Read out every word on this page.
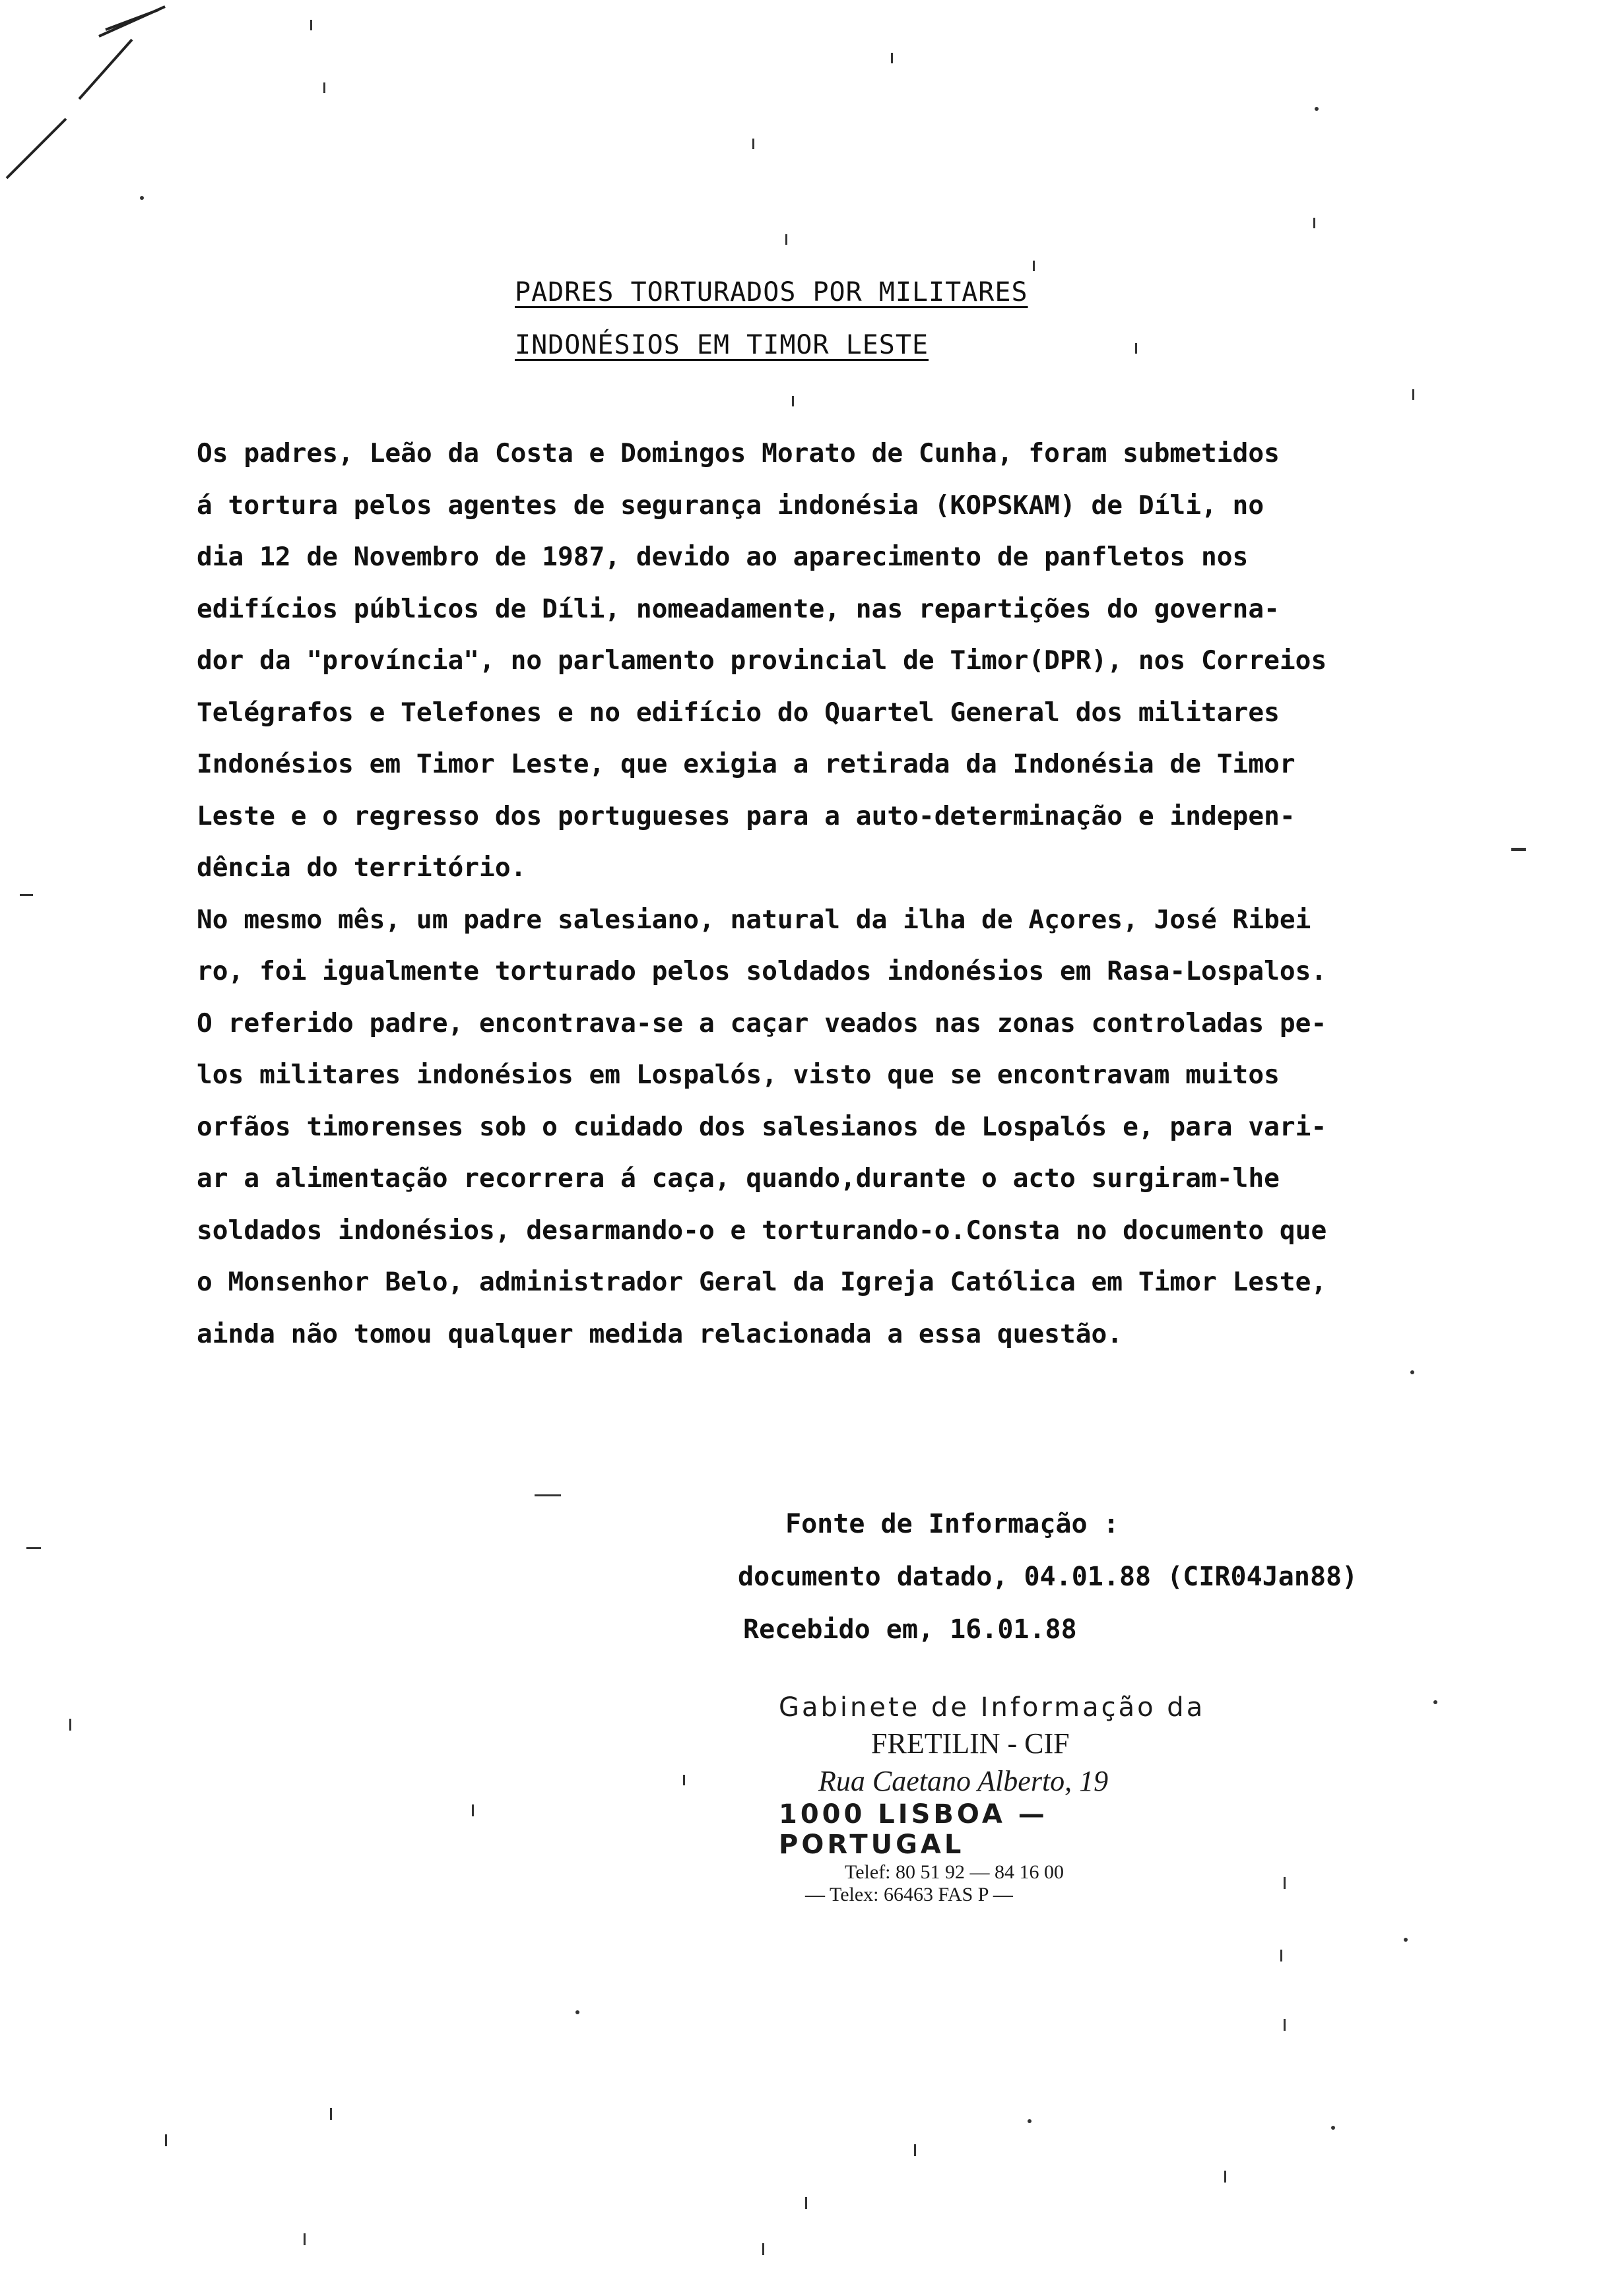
PADRES TORTURADOS POR MILITARES
INDONÉSIOS EM TIMOR LESTE
Os padres, Leão da Costa e Domingos Morato de Cunha, foram submetidos
á tortura pelos agentes de segurança indonésia (KOPSKAM) de Díli, no
dia 12 de Novembro de 1987, devido ao aparecimento de panfletos nos
edifícios públicos de Díli, nomeadamente, nas repartições do governa-
dor da "província", no parlamento provincial de Timor(DPR), nos Correios
Telégrafos e Telefones e no edifício do Quartel General dos militares
Indonésios em Timor Leste, que exigia a retirada da Indonésia de Timor
Leste e o regresso dos portugueses para a auto-determinação e indepen-
dência do território.
No mesmo mês, um padre salesiano, natural da ilha de Açores, José Ribei
ro, foi igualmente torturado pelos soldados indonésios em Rasa-Lospalos.
O referido padre, encontrava-se a caçar veados nas zonas controladas pe-
los militares indonésios em Lospalós, visto que se encontravam muitos
orfãos timorenses sob o cuidado dos salesianos de Lospalós e, para vari-
ar a alimentação recorrera á caça, quando,durante o acto surgiram-lhe
soldados indonésios, desarmando-o e torturando-o.Consta no documento que
o Monsenhor Belo, administrador Geral da Igreja Católica em Timor Leste,
ainda não tomou qualquer medida relacionada a essa questão.
Fonte de Informação :
documento datado, 04.01.88 (CIR04Jan88)
Recebido em, 16.01.88
Gabinete de Informação da
FRETILIN - CIF
Rua Caetano Alberto, 19
1000 LISBOA — PORTUGAL
Telef: 80 51 92 — 84 16 00
— Telex: 66463 FAS P —
